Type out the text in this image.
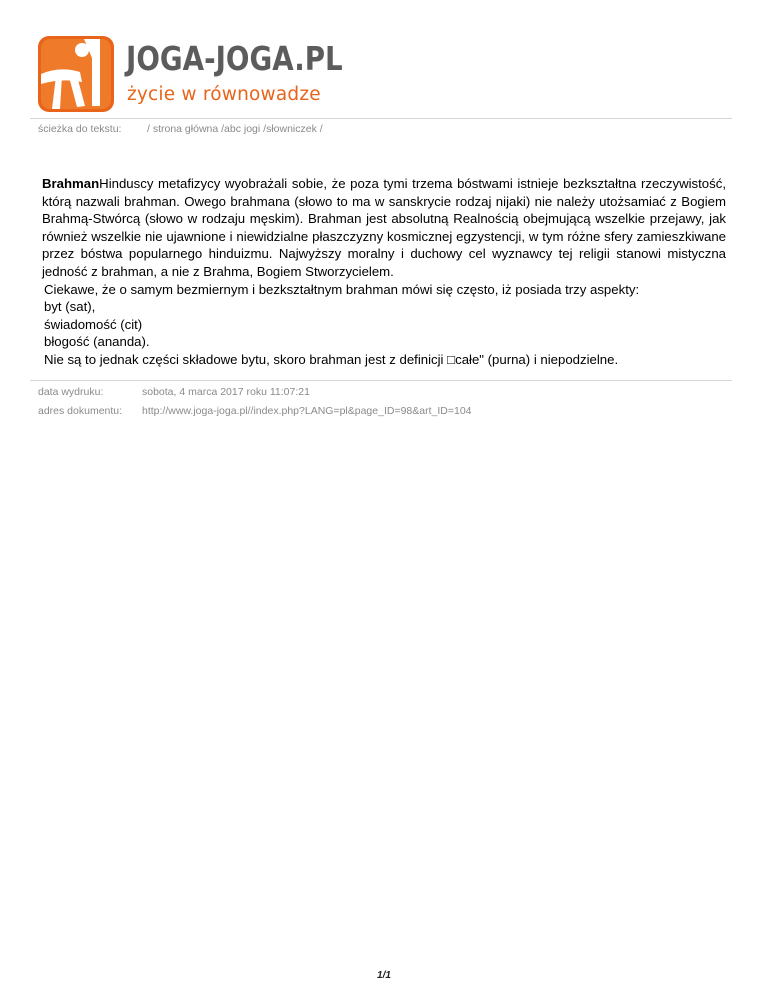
JOGA-JOGA.PL

życie w równowadze

ścieżka do tekstu: / strona główna /abc jogi /słowniczek /

BrahmanHinduscy metafizycy wyobrażali sobie, że poza tymi trzema bóstwami istnieje bezkształtna rzeczywistość, którą nazwali brahman. Owego brahmana (słowo to ma w sanskrycie rodzaj nijaki) nie należy utożsamiać z Bogiem Brahmą-Stwórcą (słowo w rodzaju męskim). Brahman jest absolutną Realnością obejmującą wszelkie przejawy, jak również wszelkie nie ujawnione i niewidzialne płaszczyzny kosmicznej egzystencji, w tym różne sfery zamieszkiwane przez bóstwa popularnego hinduizmu. Najwyższy moralny i duchowy cel wyznawcy tej religii stanowi mistyczna jedność z brahman, a nie z Brahma, Bogiem Stworzycielem.

Ciekawe, że o samym bezmiernym i bezkształtnym brahman mówi się często, iż posiada trzy aspekty:

byt (sat),

świadomość (cit)

błogość (ananda).

Nie są to jednak części składowe bytu, skoro brahman jest z definicji □całe" (purna) i niepodzielne.

data wydruku:	sobota, 4 marca 2017 roku 11:07:21
adres dokumentu: http://www.joga-joga.pl//index.php?LANG=pl&page_ID=98&art_ID=104
1/1
